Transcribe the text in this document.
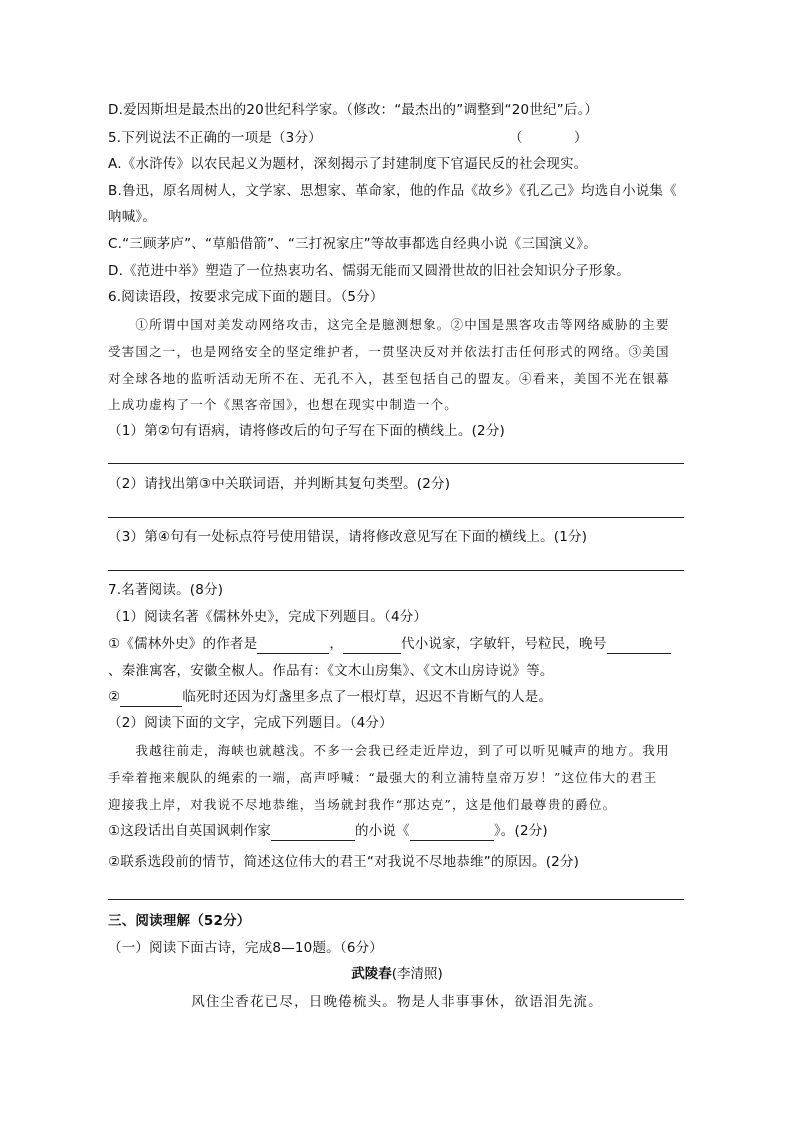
D.爱因斯坦是最杰出的20世纪科学家。（修改：“最杰出的”调整到“20世纪”后。）
5.下列说法不正确的一项是（3分）	（            ）
A.《水浒传》以农民起义为题材，深刻揭示了封建制度下官逼民反的社会现实。
B.鲁迅，原名周树人，文学家、思想家、革命家，他的作品《故乡》《孔乙己》均选自小说集《
呐喊》。
C.“三顾茅庐”、“草船借箭”、“三打祝家庄”等故事都选自经典小说《三国演义》。
D.《范进中举》塑造了一位热衷功名、懦弱无能而又圆滑世故的旧社会知识分子形象。
6.阅读语段，按要求完成下面的题目。（5分）
　　①所谓中国对美发动网络攻击，这完全是臆测想象。②中国是黑客攻击等网络威胁的主要
受害国之一，也是网络安全的坚定维护者，一贯坚决反对并依法打击任何形式的网络。③美国
对全球各地的监听活动无所不在、无孔不入，甚至包括自己的盟友。④看来，美国不光在银幕
上成功虚构了一个《黑客帝国》，也想在现实中制造一个。
（1）第②句有语病，请将修改后的句子写在下面的横线上。(2分)
（2）请找出第③中关联词语，并判断其复句类型。(2分)
（3）第④句有一处标点符号使用错误，请将修改意见写在下面的横线上。(1分)
7.名著阅读。(8分)
（1）阅读名著《儒林外史》，完成下列题目。（4分）
①《儒林外史》的作者是	，	代小说家，字敏轩，号粒民，晚号
、秦淮寓客，安徽全椒人。作品有：《文木山房集》、《文木山房诗说》等。
②	临死时还因为灯盏里多点了一根灯草，迟迟不肯断气的人是。
（2）阅读下面的文字，完成下列题目。（4分）
　　我越往前走，海峡也就越浅。不多一会我已经走近岸边，到了可以听见喊声的地方。我用
手牵着拖来舰队的绳索的一端，高声呼喊：“最强大的利立浦特皇帝万岁！”这位伟大的君王
迎接我上岸，对我说不尽地恭维，当场就封我作“那达克”，这是他们最尊贵的爵位。
①这段话出自英国讽刺作家	的小说《	》。(2分)
②联系选段前的情节，简述这位伟大的君王“对我说不尽地恭维”的原因。(2分)
三、阅读理解（52分）
（一）阅读下面古诗，完成8—10题。（6分）
武陵春(李清照)
风住尘香花已尽，日晚倦梳头。物是人非事事休，欲语泪先流。
